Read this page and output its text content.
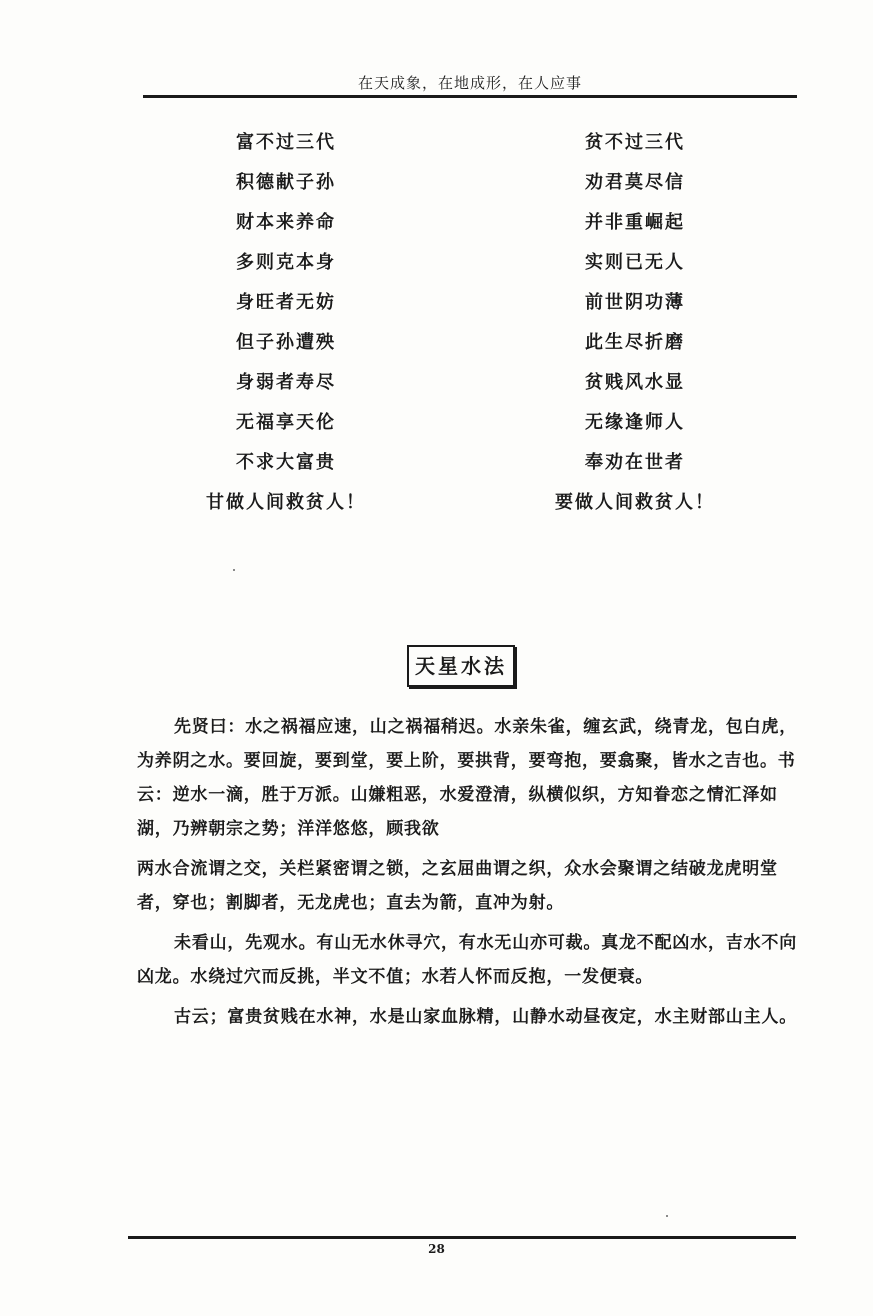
在天成象，在地成形，在人应事
富不过三代
积德献子孙
财本来养命
多则克本身
身旺者无妨
但子孙遭殃
身弱者寿尽
无福享天伦
不求大富贵
甘做人间救贫人！
贫不过三代
劝君莫尽信
并非重崛起
实则已无人
前世阴功薄
此生尽折磨
贫贱风水显
无缘逢师人
奉劝在世者
要做人间救贫人！
天星水法

先贤曰：水之祸福应速，山之祸福稍迟。水亲朱雀，缠玄武，绕青龙，包白虎，为养阴之水。要回旋，要到堂，要上阶，要拱背，要弯抱，要翕聚，皆水之吉也。书云：逆水一滴，胜于万派。山嫌粗恶，水爱澄清，纵横似织，方知眷恋之情汇泽如湖，乃辨朝宗之势；洋洋悠悠，顾我欲

两水合流谓之交，关栏紧密谓之锁，之玄屈曲谓之织，众水会聚谓之结破龙虎明堂者，穿也；割脚者，无龙虎也；直去为箭，直冲为射。

未看山，先观水。有山无水休寻穴，有水无山亦可裁。真龙不配凶水，吉水不向凶龙。水绕过穴而反挑，半文不值；水若人怀而反抱，一发便衰。

古云；富贵贫贱在水神，水是山家血脉精，山静水动昼夜定，水主财部山主人。

28
